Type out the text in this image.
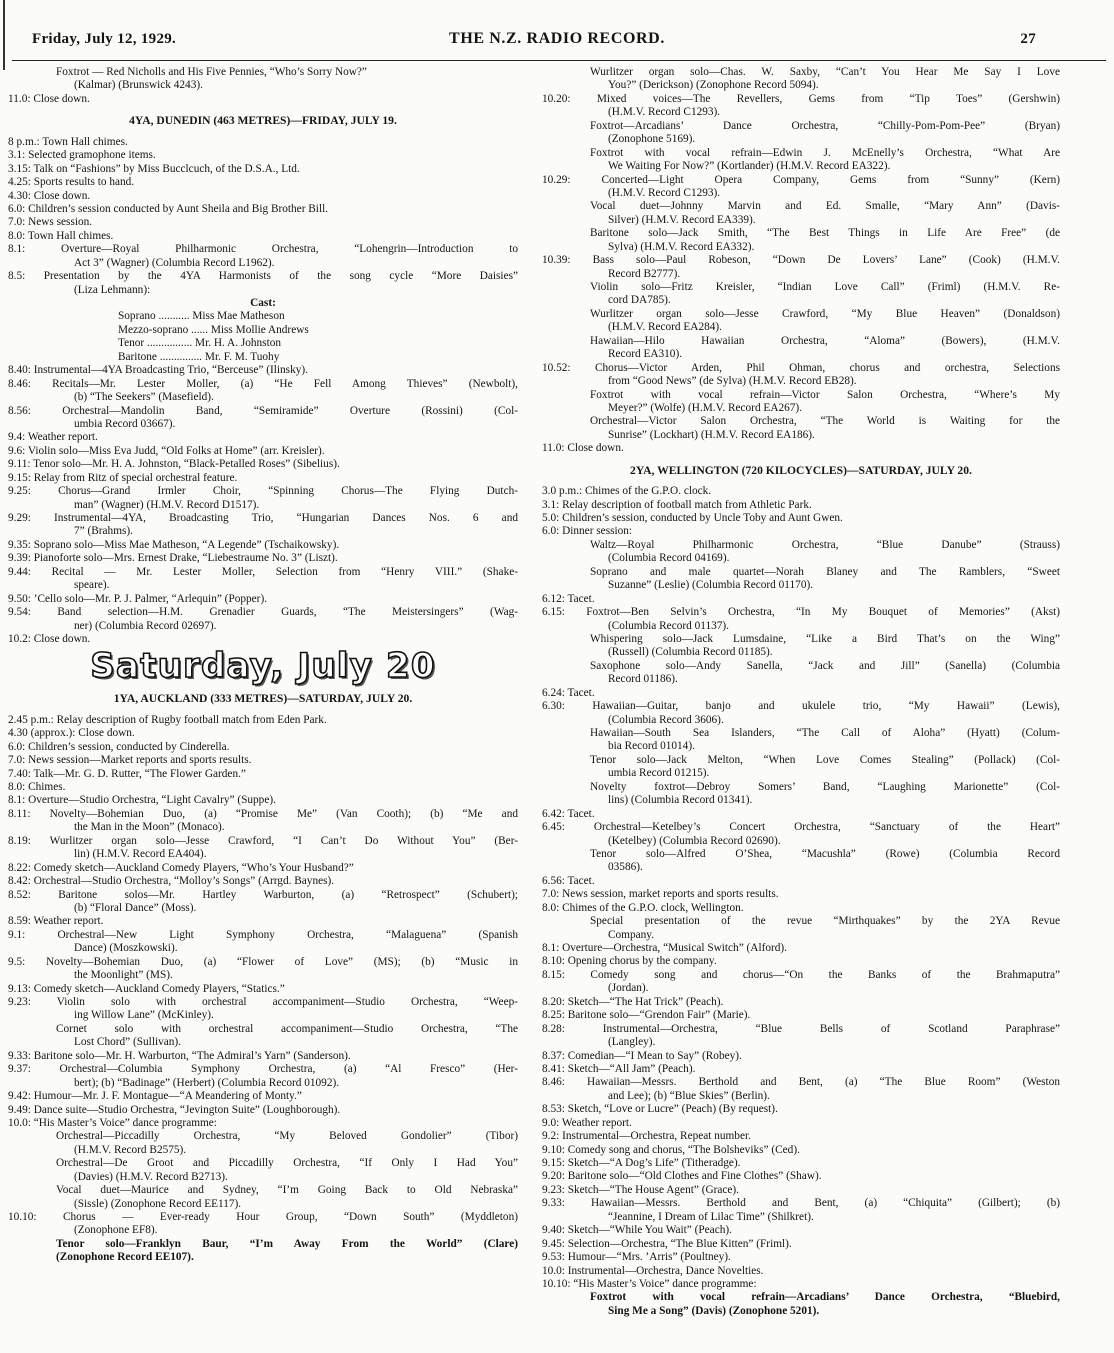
Friday, July 12, 1929.	THE N.Z. RADIO RECORD.	27
Foxtrot — Red Nicholls and His Five Pennies, “Who’s Sorry Now?”
(Kalmar) (Brunswick 4243).
11.0: Close down.
4YA, DUNEDIN (463 METRES)—FRIDAY, JULY 19.
8 p.m.: Town Hall chimes.
3.1: Selected gramophone items.
3.15: Talk on “Fashions” by Miss Bucclcuch, of the D.S.A., Ltd.
4.25: Sports results to hand.
4.30: Close down.
6.0: Children’s session conducted by Aunt Sheila and Big Brother Bill.
7.0: News session.
8.0: Town Hall chimes.
8.1: Overture—Royal Philharmonic Orchestra, “Lohengrin—Introduction to
Act 3” (Wagner) (Columbia Record L1962).
8.5: Presentation by the 4YA Harmonists of the song cycle “More Daisies”
(Liza Lehmann):
Cast:
Soprano ........... Miss Mae Matheson
Mezzo-soprano ...... Miss Mollie Andrews
Tenor ................ Mr. H. A. Johnston
Baritone ............... Mr. F. M. Tuohy
8.40: Instrumental—4YA Broadcasting Trio, “Berceuse” (Ilinsky).
8.46: Recitals—Mr. Lester Moller, (a) “He Fell Among Thieves” (Newbolt),
(b) “The Seekers” (Masefield).
8.56: Orchestral—Mandolin Band, “Semiramide” Overture (Rossini) (Col-
umbia Record 03667).
9.4: Weather report.
9.6: Violin solo—Miss Eva Judd, “Old Folks at Home” (arr. Kreisler).
9.11: Tenor solo—Mr. H. A. Johnston, “Black-Petalled Roses” (Sibelius).
9.15: Relay from Ritz of special orchestral feature.
9.25: Chorus—Grand Irmler Choir, “Spinning Chorus—The Flying Dutch-
man” (Wagner) (H.M.V. Record D1517).
9.29: Instrumental—4YA, Broadcasting Trio, “Hungarian Dances Nos. 6 and
7” (Brahms).
9.35: Soprano solo—Miss Mae Matheson, “A Legende” (Tschaikowsky).
9.39: Pianoforte solo—Mrs. Ernest Drake, “Liebestraume No. 3” (Liszt).
9.44: Recital — Mr. Lester Moller, Selection from “Henry VIII.” (Shake-
speare).
9.50: ’Cello solo—Mr. P. J. Palmer, “Arlequin” (Popper).
9.54: Band selection—H.M. Grenadier Guards, “The Meistersingers” (Wag-
ner) (Columbia Record 02697).
10.2: Close down.
Saturday, July 20
1YA, AUCKLAND (333 METRES)—SATURDAY, JULY 20.
2.45 p.m.: Relay description of Rugby football match from Eden Park.
4.30 (approx.): Close down.
6.0: Children’s session, conducted by Cinderella.
7.0: News session—Market reports and sports results.
7.40: Talk—Mr. G. D. Rutter, “The Flower Garden.”
8.0: Chimes.
8.1: Overture—Studio Orchestra, “Light Cavalry” (Suppe).
8.11: Novelty—Bohemian Duo, (a) “Promise Me” (Van Cooth); (b) “Me and
the Man in the Moon” (Monaco).
8.19: Wurlitzer organ solo—Jesse Crawford, “I Can’t Do Without You” (Ber-
lin) (H.M.V. Record EA404).
8.22: Comedy sketch—Auckland Comedy Players, “Who’s Your Husband?”
8.42: Orchestral—Studio Orchestra, “Molloy’s Songs” (Arrgd. Baynes).
8.52: Baritone solos—Mr. Hartley Warburton, (a) “Retrospect” (Schubert);
(b) “Floral Dance” (Moss).
8.59: Weather report.
9.1: Orchestral—New Light Symphony Orchestra, “Malaguena” (Spanish
Dance) (Moszkowski).
9.5: Novelty—Bohemian Duo, (a) “Flower of Love” (MS); (b) “Music in
the Moonlight” (MS).
9.13: Comedy sketch—Auckland Comedy Players, “Statics.”
9.23: Violin solo with orchestral accompaniment—Studio Orchestra, “Weep-
ing Willow Lane” (McKinley).
Cornet solo with orchestral accompaniment—Studio Orchestra, “The
Lost Chord” (Sullivan).
9.33: Baritone solo—Mr. H. Warburton, “The Admiral’s Yarn” (Sanderson).
9.37: Orchestral—Columbia Symphony Orchestra, (a) “Al Fresco” (Her-
bert); (b) “Badinage” (Herbert) (Columbia Record 01092).
9.42: Humour—Mr. J. F. Montague—“A Meandering of Monty.”
9.49: Dance suite—Studio Orchestra, “Jevington Suite” (Loughborough).
10.0: “His Master’s Voice” dance programme:
Orchestral—Piccadilly Orchestra, “My Beloved Gondolier” (Tibor)
(H.M.V. Record B2575).
Orchestral—De Groot and Piccadilly Orchestra, “If Only I Had You”
(Davies) (H.M.V. Record B2713).
Vocal duet—Maurice and Sydney, “I’m Going Back to Old Nebraska”
(Sissle) (Zonophone Record EE117).
10.10: Chorus — Ever-ready Hour Group, “Down South” (Myddleton)
(Zonophone EF8).
Tenor solo—Franklyn Baur, “I’m Away From the World” (Clare)
(Zonophone Record EE107).
Wurlitzer organ solo—Chas. W. Saxby, “Can’t You Hear Me Say I Love
You?” (Derickson) (Zonophone Record 5094).
10.20: Mixed voices—The Revellers, Gems from “Tip Toes” (Gershwin)
(H.M.V. Record C1293).
Foxtrot—Arcadians’ Dance Orchestra, “Chilly-Pom-Pom-Pee” (Bryan)
(Zonophone 5169).
Foxtrot with vocal refrain—Edwin J. McEnelly’s Orchestra, “What Are
We Waiting For Now?” (Kortlander) (H.M.V. Record EA322).
10.29: Concerted—Light Opera Company, Gems from “Sunny” (Kern)
(H.M.V. Record C1293).
Vocal duet—Johnny Marvin and Ed. Smalle, “Mary Ann” (Davis-
Silver) (H.M.V. Record EA339).
Baritone solo—Jack Smith, “The Best Things in Life Are Free” (de
Sylva) (H.M.V. Record EA332).
10.39: Bass solo—Paul Robeson, “Down De Lovers’ Lane” (Cook) (H.M.V.
Record B2777).
Violin solo—Fritz Kreisler, “Indian Love Call” (Friml) (H.M.V. Re-
cord DA785).
Wurlitzer organ solo—Jesse Crawford, “My Blue Heaven” (Donaldson)
(H.M.V. Record EA284).
Hawaiian—Hilo Hawaiian Orchestra, “Aloma” (Bowers), (H.M.V.
Record EA310).
10.52: Chorus—Victor Arden, Phil Ohman, chorus and orchestra, Selections
from “Good News” (de Sylva) (H.M.V. Record EB28).
Foxtrot with vocal refrain—Victor Salon Orchestra, “Where’s My
Meyer?” (Wolfe) (H.M.V. Record EA267).
Orchestral—Victor Salon Orchestra, “The World is Waiting for the
Sunrise” (Lockhart) (H.M.V. Record EA186).
11.0: Close down.
2YA, WELLINGTON (720 KILOCYCLES)—SATURDAY, JULY 20.
3.0 p.m.: Chimes of the G.P.O. clock.
3.1: Relay description of football match from Athletic Park.
5.0: Children’s session, conducted by Uncle Toby and Aunt Gwen.
6.0: Dinner session:
Waltz—Royal Philharmonic Orchestra, “Blue Danube” (Strauss)
(Columbia Record 04169).
Soprano and male quartet—Norah Blaney and The Ramblers, “Sweet
Suzanne” (Leslie) (Columbia Record 01170).
6.12: Tacet.
6.15: Foxtrot—Ben Selvin’s Orchestra, “In My Bouquet of Memories” (Akst)
(Columbia Record 01137).
Whispering solo—Jack Lumsdaine, “Like a Bird That’s on the Wing”
(Russell) (Columbia Record 01185).
Saxophone solo—Andy Sanella, “Jack and Jill” (Sanella) (Columbia
Record 01186).
6.24: Tacet.
6.30: Hawaiian—Guitar, banjo and ukulele trio, “My Hawaii” (Lewis),
(Columbia Record 3606).
Hawaiian—South Sea Islanders, “The Call of Aloha” (Hyatt) (Colum-
bia Record 01014).
Tenor solo—Jack Melton, “When Love Comes Stealing” (Pollack) (Col-
umbia Record 01215).
Novelty foxtrot—Debroy Somers’ Band, “Laughing Marionette” (Col-
lins) (Columbia Record 01341).
6.42: Tacet.
6.45: Orchestral—Ketelbey’s Concert Orchestra, “Sanctuary of the Heart”
(Ketelbey) (Columbia Record 02690).
Tenor solo—Alfred O’Shea, “Macushla” (Rowe) (Columbia Record
03586).
6.56: Tacet.
7.0: News session, market reports and sports results.
8.0: Chimes of the G.P.O. clock, Wellington.
Special presentation of the revue “Mirthquakes” by the 2YA Revue
Company.
8.1: Overture—Orchestra, “Musical Switch” (Alford).
8.10: Opening chorus by the company.
8.15: Comedy song and chorus—“On the Banks of the Brahmaputra”
(Jordan).
8.20: Sketch—“The Hat Trick” (Peach).
8.25: Baritone solo—“Grendon Fair” (Marie).
8.28: Instrumental—Orchestra, “Blue Bells of Scotland Paraphrase”
(Langley).
8.37: Comedian—“I Mean to Say” (Robey).
8.41: Sketch—“All Jam” (Peach).
8.46: Hawaiian—Messrs. Berthold and Bent, (a) “The Blue Room” (Weston
and Lee); (b) “Blue Skies” (Berlin).
8.53: Sketch, “Love or Lucre” (Peach) (By request).
9.0: Weather report.
9.2: Instrumental—Orchestra, Repeat number.
9.10: Comedy song and chorus, “The Bolsheviks” (Ced).
9.15: Sketch—“A Dog’s Life” (Titheradge).
9.20: Baritone solo—“Old Clothes and Fine Clothes” (Shaw).
9.23: Sketch—“The House Agent” (Grace).
9.33: Hawaiian—Messrs. Berthold and Bent, (a) “Chiquita” (Gilbert); (b)
“Jeannine, I Dream of Lilac Time” (Shilkret).
9.40: Sketch—“While You Wait” (Peach).
9.45: Selection—Orchestra, “The Blue Kitten” (Friml).
9.53: Humour—“Mrs. ’Arris” (Poultney).
10.0: Instrumental—Orchestra, Dance Novelties.
10.10: “His Master’s Voice” dance programme:
Foxtrot with vocal refrain—Arcadians’ Dance Orchestra, “Bluebird,
Sing Me a Song” (Davis) (Zonophone 5201).
